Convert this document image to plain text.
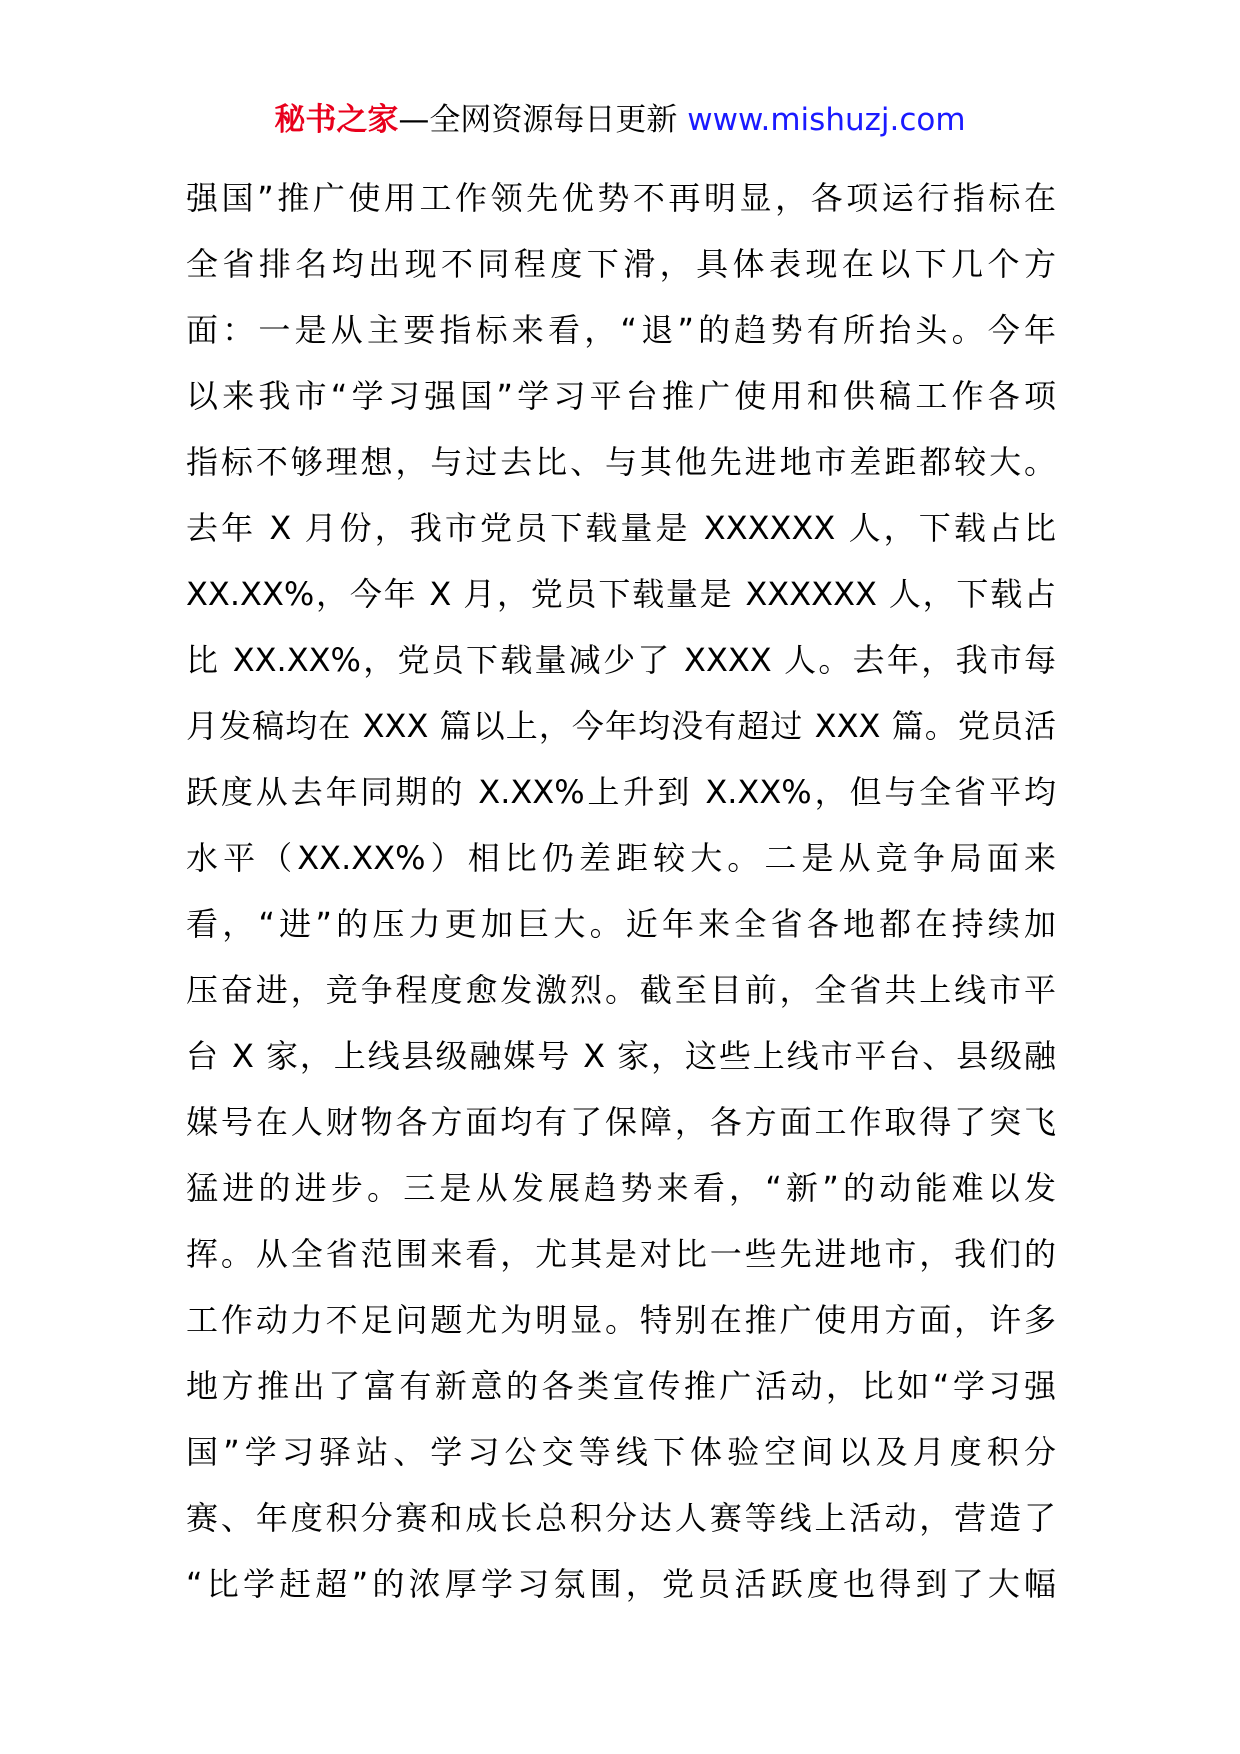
秘书之家—全网资源每日更新 www.mishuzj.com
强国”推广使用工作领先优势不再明显，各项运行指标在
全省排名均出现不同程度下滑，具体表现在以下几个方
面：一是从主要指标来看，“退”的趋势有所抬头。今年
以来我市“学习强国”学习平台推广使用和供稿工作各项
指标不够理想，与过去比、与其他先进地市差距都较大。
去年 X 月份，我市党员下载量是 XXXXXX 人，下载占比
XX.XX%，今年 X 月，党员下载量是 XXXXXX 人，下载占
比 XX.XX%，党员下载量减少了 XXXX 人。去年，我市每
月发稿均在 XXX 篇以上，今年均没有超过 XXX 篇。党员活
跃度从去年同期的 X.XX%上升到 X.XX%，但与全省平均
水平（XX.XX%）相比仍差距较大。二是从竞争局面来
看，“进”的压力更加巨大。近年来全省各地都在持续加
压奋进，竞争程度愈发激烈。截至目前，全省共上线市平
台 X 家，上线县级融媒号 X 家，这些上线市平台、县级融
媒号在人财物各方面均有了保障，各方面工作取得了突飞
猛进的进步。三是从发展趋势来看，“新”的动能难以发
挥。从全省范围来看，尤其是对比一些先进地市，我们的
工作动力不足问题尤为明显。特别在推广使用方面，许多
地方推出了富有新意的各类宣传推广活动，比如“学习强
国”学习驿站、学习公交等线下体验空间以及月度积分
赛、年度积分赛和成长总积分达人赛等线上活动，营造了
“比学赶超”的浓厚学习氛围，党员活跃度也得到了大幅
